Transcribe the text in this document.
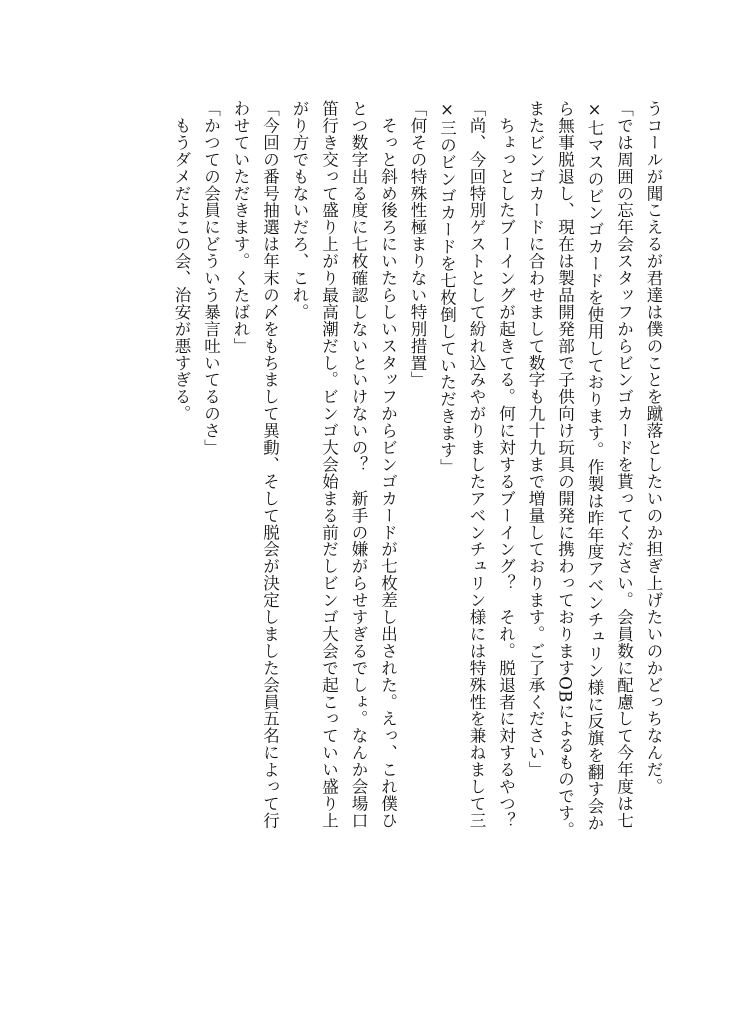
うコールが聞こえるが君達は僕のことを蹴落としたいのか担ぎ上げたいのかどっちなんだ。
「では周囲の忘年会スタッフからビンゴカードを貰ってください。会員数に配慮して今年度は七
×七マスのビンゴカードを使用しております。作製は昨年度アベンチュリン様に反旗を翻す会か
ら無事脱退し、現在は製品開発部で子供向け玩具の開発に携わっておりますOBによるものです。
またビンゴカードに合わせまして数字も九十九まで増量しております。ご了承ください」
　ちょっとしたブーイングが起きてる。何に対するブーイング？　それ。脱退者に対するやつ？
「尚、今回特別ゲストとして紛れ込みやがりましたアベンチュリン様には特殊性を兼ねまして三
×三のビンゴカードを七枚倒していただきます」
「何その特殊性極まりない特別措置」
　そっと斜め後ろにいたらしいスタッフからビンゴカードが七枚差し出された。えっ、これ僕ひ
とつ数字出る度に七枚確認しないといけないの？　新手の嫌がらせすぎるでしょ。なんか会場口
笛行き交って盛り上がり最高潮だし。ビンゴ大会始まる前だしビンゴ大会で起こっていい盛り上
がり方でもないだろ、これ。
「今回の番号抽選は年末の〆をもちまして異動、そして脱会が決定しました会員五名によって行
わせていただきます。くたばれ」
「かつての会員にどういう暴言吐いてるのさ」
　もうダメだよこの会、治安が悪すぎる。
